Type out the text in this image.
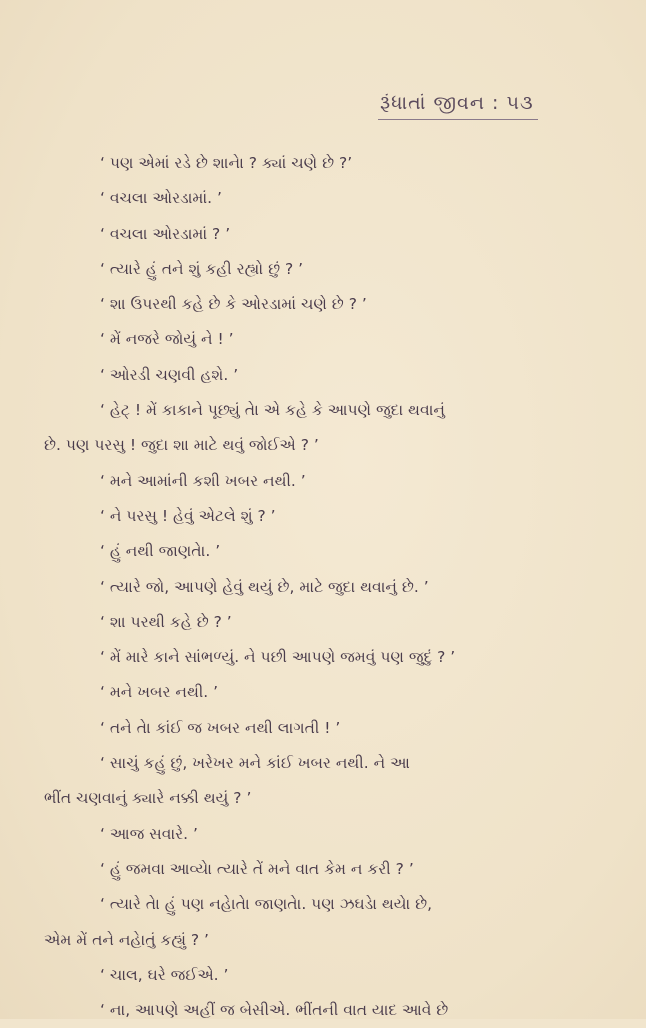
રૂંધાતાં જીવન : ૫૩
‘ પણ એમાં રડે છે શાનેા ? ક્યાં ચણે છે ?’
‘ વચલા ઓરડામાં. ’
‘ વચલા ઓરડામાં ? ’
‘ ત્યારે હું તને શું કહી રહ્યો છું ? ’
‘ શા ઉપરથી કહે છે કે ઓરડામાં ચણે છે ? ’
‘ મેં નજરે જોયું ને ! ’
‘ ઓરડી ચણવી હશે. ’
‘ હેટ્ ! મેં કાકાને પૂછ્યું તેા એ કહે કે આપણે જુદા થવાનું
છે. પણ પરસુ ! જુદા શા માટે થવું જોઈએ ? ’
‘ મને આમાંની કશી ખબર નથી. ’
‘ ને પરસુ ! હેવું એટલે શું ? ’
‘ હું નથી જાણતેા. ’
‘ ત્યારે જો, આપણે હેવું થયું છે, માટે જુદા થવાનું છે. ’
‘ શા પરથી કહે છે ? ’
‘ મેં મારે કાને સાંભળ્યું. ને પછી આપણે જમવું પણ જુદું ? ’
‘ મને ખબર નથી. ’
‘ તને તેા કાંઈ જ ખબર નથી લાગતી ! ’
‘ સાચું કહું છું, ખરેખર મને કાંઈ ખબર નથી. ને આ
ભીંત ચણવાનું ક્યારે નક્કી થયું ? ’
‘ આજ સવારે. ’
‘ હું જમવા આવ્યેા ત્યારે તેં મને વાત કેમ ન કરી ? ’
‘ ત્યારે તેા હું પણ નહેાતેા જાણતેા. પણ ઝઘડેા થયેા છે,
એમ મેં તને નહેાતું કહ્યું ? ’
‘ ચાલ, ઘરે જઈએ. ’
‘ ના, આપણે અહીં જ બેસીએ. ભીંતની વાત યાદ આવે છે
